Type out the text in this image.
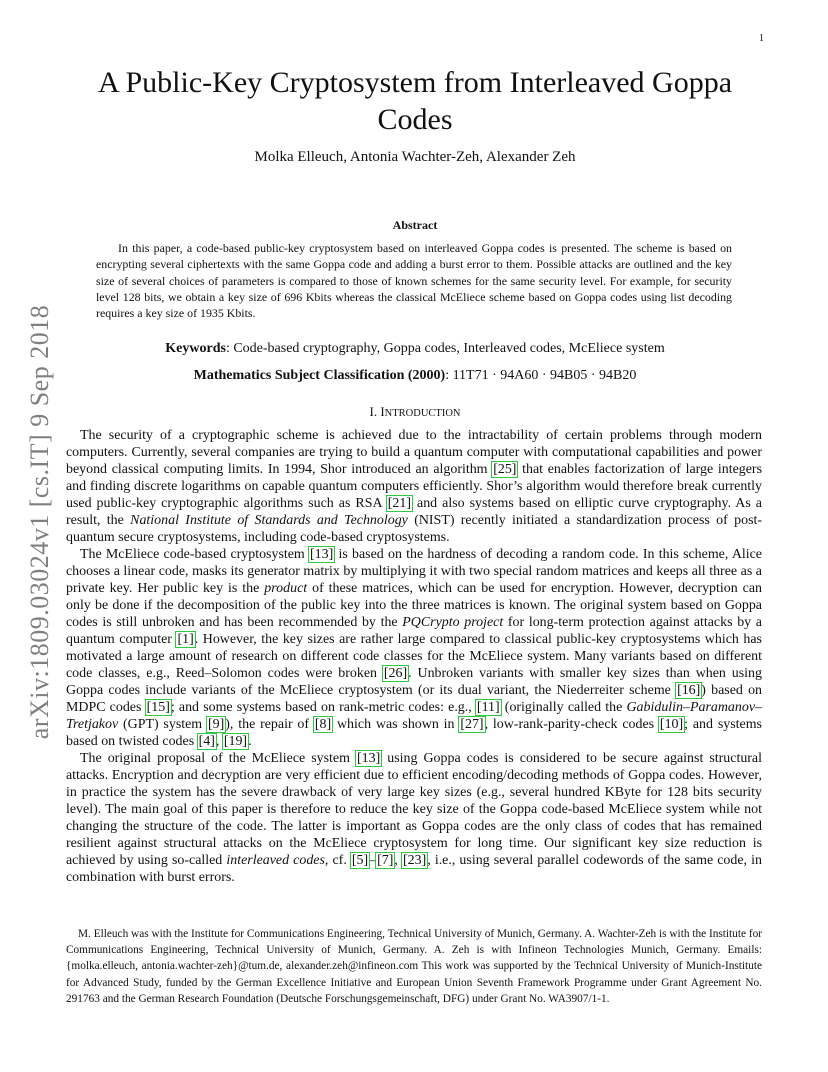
1
arXiv:1809.03024v1 [cs.IT] 9 Sep 2018
A Public-Key Cryptosystem from Interleaved Goppa Codes
Molka Elleuch, Antonia Wachter-Zeh, Alexander Zeh
Abstract

In this paper, a code-based public-key cryptosystem based on interleaved Goppa codes is presented. The scheme is based on encrypting several ciphertexts with the same Goppa code and adding a burst error to them. Possible attacks are outlined and the key size of several choices of parameters is compared to those of known schemes for the same security level. For example, for security level 128 bits, we obtain a key size of 696 Kbits whereas the classical McEliece scheme based on Goppa codes using list decoding requires a key size of 1935 Kbits.

Keywords: Code-based cryptography, Goppa codes, Interleaved codes, McEliece system
Mathematics Subject Classification (2000): 11T71 · 94A60 · 94B05 · 94B20
I. INTRODUCTION

The security of a cryptographic scheme is achieved due to the intractability of certain problems through modern computers. Currently, several companies are trying to build a quantum computer with computational capabilities and power beyond classical computing limits. In 1994, Shor introduced an algorithm [25] that enables factorization of large integers and finding discrete logarithms on capable quantum computers efficiently. Shor’s algorithm would therefore break currently used public-key cryptographic algorithms such as RSA [21] and also systems based on elliptic curve cryptography. As a result, the National Institute of Standards and Technology (NIST) recently initiated a standardization process of post-quantum secure cryptosystems, including code-based cryptosystems.

The McEliece code-based cryptosystem [13] is based on the hardness of decoding a random code. In this scheme, Alice chooses a linear code, masks its generator matrix by multiplying it with two special random matrices and keeps all three as a private key. Her public key is the product of these matrices, which can be used for encryption. However, decryption can only be done if the decomposition of the public key into the three matrices is known. The original system based on Goppa codes is still unbroken and has been recommended by the PQCrypto project for long-term protection against attacks by a quantum computer [1]. However, the key sizes are rather large compared to classical public-key cryptosystems which has motivated a large amount of research on different code classes for the McEliece system. Many variants based on different code classes, e.g., Reed–Solomon codes were broken [26]. Unbroken variants with smaller key sizes than when using Goppa codes include variants of the McEliece cryptosystem (or its dual variant, the Niederreiter scheme [16]) based on MDPC codes [15]; and some systems based on rank-metric codes: e.g., [11] (originally called the Gabidulin–Paramanov–Tretjakov (GPT) system [9]), the repair of [8] which was shown in [27], low-rank-parity-check codes [10]; and systems based on twisted codes [4], [19].

The original proposal of the McEliece system [13] using Goppa codes is considered to be secure against structural attacks. Encryption and decryption are very efficient due to efficient encoding/decoding methods of Goppa codes. However, in practice the system has the severe drawback of very large key sizes (e.g., several hundred KByte for 128 bits security level). The main goal of this paper is therefore to reduce the key size of the Goppa code-based McEliece system while not changing the structure of the code. The latter is important as Goppa codes are the only class of codes that has remained resilient against structural attacks on the McEliece cryptosystem for long time. Our significant key size reduction is achieved by using so-called interleaved codes, cf. [5]–[7], [23], i.e., using several parallel codewords of the same code, in combination with burst errors.

M. Elleuch was with the Institute for Communications Engineering, Technical University of Munich, Germany. A. Wachter-Zeh is with the Institute for Communications Engineering, Technical University of Munich, Germany. A. Zeh is with Infineon Technologies Munich, Germany. Emails: {molka.elleuch, antonia.wachter-zeh}@tum.de, alexander.zeh@infineon.com This work was supported by the Technical University of Munich-Institute for Advanced Study, funded by the German Excellence Initiative and European Union Seventh Framework Programme under Grant Agreement No. 291763 and the German Research Foundation (Deutsche Forschungsgemeinschaft, DFG) under Grant No. WA3907/1-1.
